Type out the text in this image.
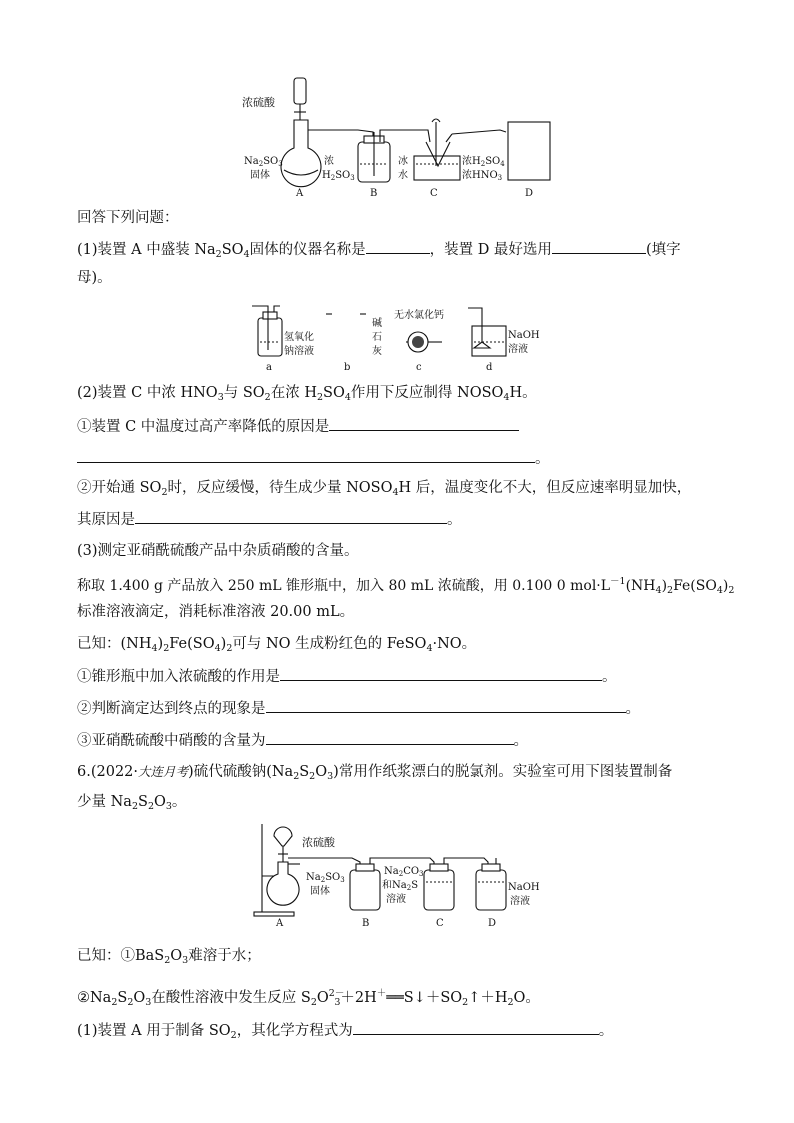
浓硫酸
$Na_2SO_3$
固体
浓
$H_2SO_3$
冰
水
浓$H_2SO_4$
浓$HNO_3$
A	B	C	D
回答下列问题：
(1)装置 A 中盛装 $Na_2SO_4$固体的仪器名称是	，装置 D 最好选用	(填字
母)。
氢氧化
钠溶液
a
碱
石
灰
b
无水氯化钙
c
NaOH
溶液
d
(2)装置 C 中浓 $HNO_3$与 $SO_2$在浓 $H_2SO_4$作用下反应制得 $NOSO_4H$。
①装置 C 中温度过高产率降低的原因是
。
②开始通 $SO_2$时，反应缓慢，待生成少量 $NOSO_4H$ 后，温度变化不大，但反应速率明显加快，
其原因是	。
(3)测定亚硝酰硫酸产品中杂质硝酸的含量。
称取 1.400 g 产品放入 250 mL 锥形瓶中，加入 80 mL 浓硫酸，用 0.100 0 $mol\cdot L^{-1}(NH_4)_2Fe(SO_4)_2$
标准溶液滴定，消耗标准溶液 20.00 mL。
已知：$(NH_4)_2Fe(SO_4)_2$可与 NO 生成粉红色的 FeSO$_4$·NO。
①锥形瓶中加入浓硫酸的作用是	。
②判断滴定达到终点的现象是	。
③亚硝酰硫酸中硝酸的含量为	。
6.(2022·大连月考)硫代硫酸钠$(Na_2S_2O_3)$常用作纸浆漂白的脱氯剂。实验室可用下图装置制备
少量 $Na_2S_2O_3$。
浓硫酸
$Na_2SO_3$
固体
$Na_2CO_3$
和$Na_2S$
溶液
NaOH
溶液
A	B	C	D
已知：$①BaS_2O_3$难溶于水；
$②Na_2S_2O_3$在酸性溶液中发生反应 $S_2O^{2-}_3+2H^+══S↓+SO_2↑+H_2O$。
(1)装置 A 用于制备 $SO_2$，其化学方程式为	。
